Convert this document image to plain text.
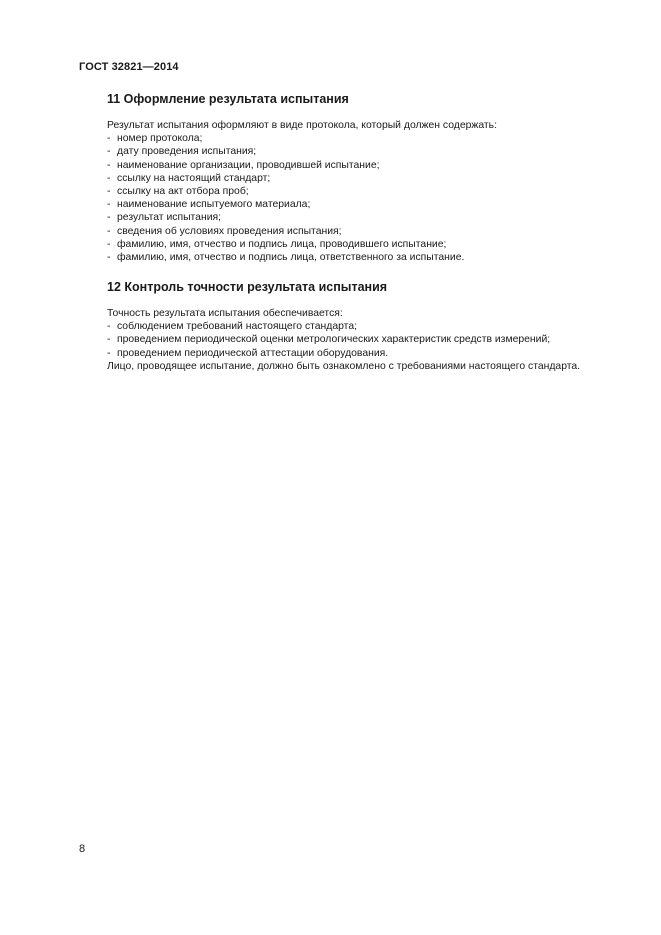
ГОСТ 32821—2014
11 Оформление результата испытания
Результат испытания оформляют в виде протокола, который должен содержать:
- номер протокола;
- дату проведения испытания;
- наименование организации, проводившей испытание;
- ссылку на настоящий стандарт;
- ссылку на акт отбора проб;
- наименование испытуемого материала;
- результат испытания;
- сведения об условиях проведения испытания;
- фамилию, имя, отчество и подпись лица, проводившего испытание;
- фамилию, имя, отчество и подпись лица, ответственного за испытание.
12 Контроль точности результата испытания
Точность результата испытания обеспечивается:
- соблюдением требований настоящего стандарта;
- проведением периодической оценки метрологических характеристик средств измерений;
- проведением периодической аттестации оборудования.
Лицо, проводящее испытание, должно быть ознакомлено с требованиями настоящего стандарта.
8
